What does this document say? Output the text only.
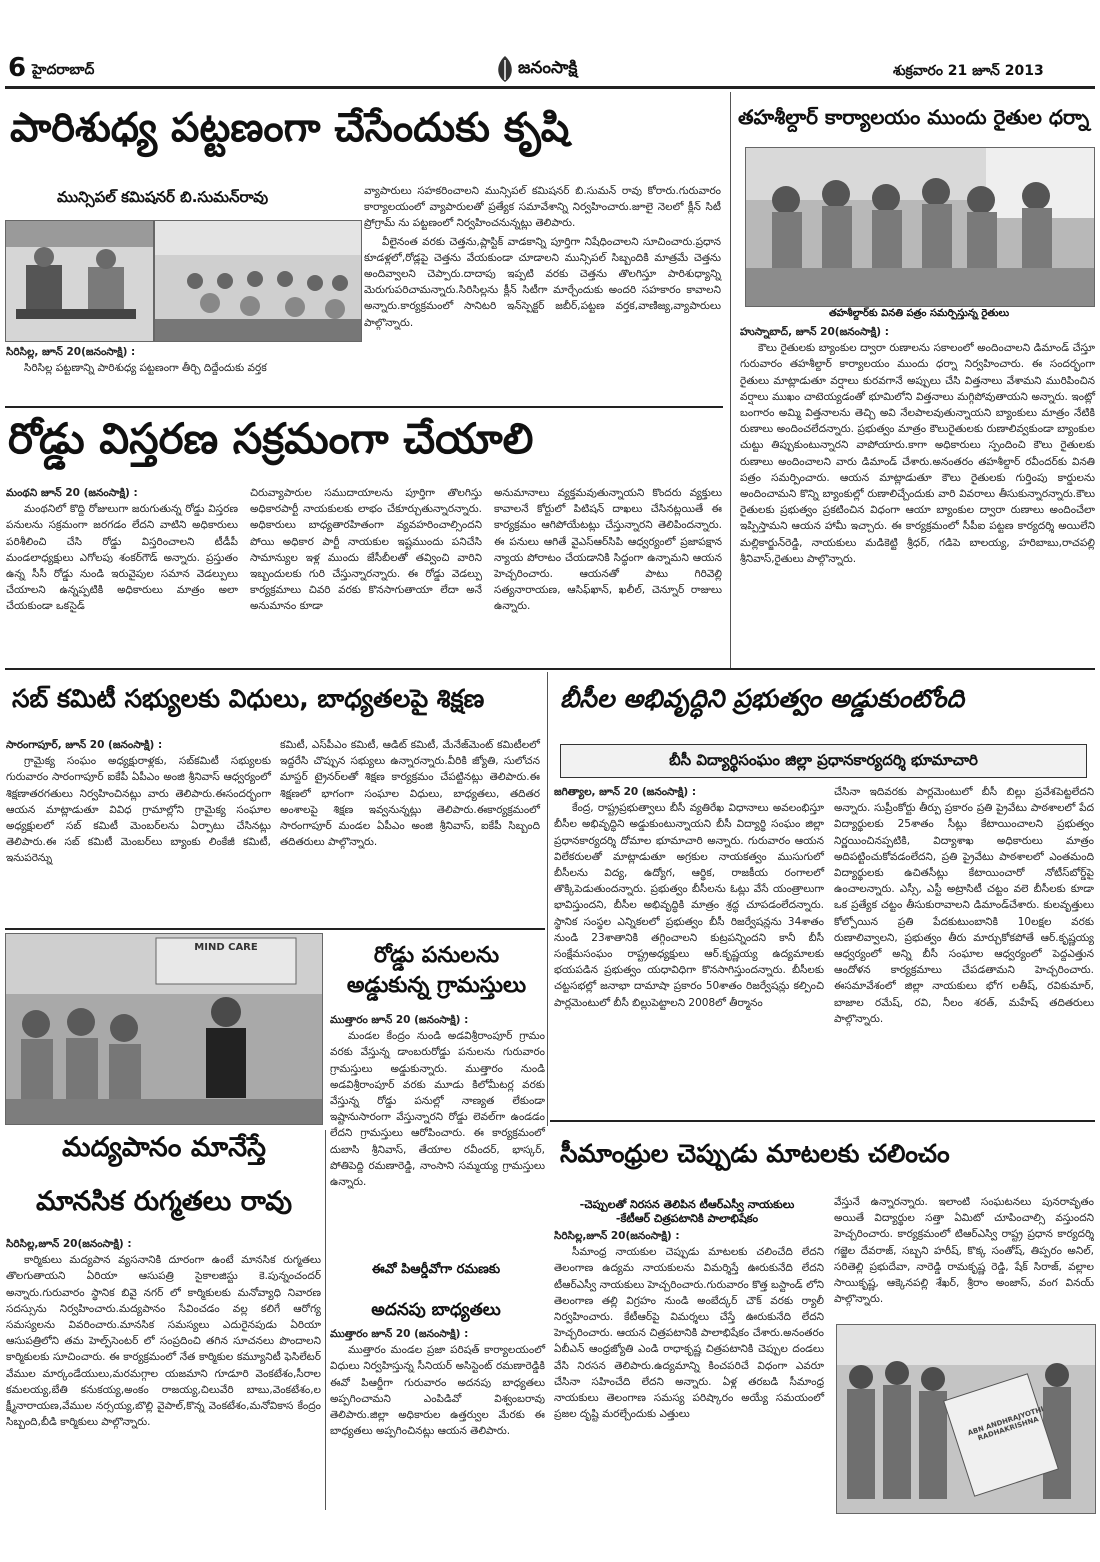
6 హైదరాబాద్	జనంసాక్షి	శుక్రవారం 21 జూన్ 2013
పారిశుధ్య పట్టణంగా చేసేందుకు కృషి
మున్సిపల్ కమిషనర్ బి.సుమన్‌రావు
సిరిసిల్ల, జూన్ 20(జనంసాక్షి) :

సిరిసిల్ల పట్టణాన్ని పారిశుధ్య పట్టణంగా తీర్చి దిద్దేందుకు వర్తక

వ్యాపారులు సహకరించాలని మున్సిపల్ కమిషనర్ బి.సుమన్ రావు కోరారు.గురువారం కార్యాలయంలో వ్యాపారులతో ప్రత్యేక సమావేశాన్ని నిర్వహించారు.జూలై నెలలో క్లీన్ సిటీ ప్రోగ్రామ్ ను పట్టణంలో నిర్వహించనున్నట్లు తెలిపారు.

వీలైనంత వరకు చెత్తను,ప్లాస్టిక్ వాడకాన్ని పూర్తిగా నిషేధించాలని సూచించారు.ప్రధాన కూడళ్లలో,రోడ్లపై చెత్తను వేయకుండా చూడాలని మున్సిపల్ సిబ్బందికి మాత్రమే చెత్తను అందివ్వాలని చెప్పారు.దాదాపు ఇప్పటి వరకు చెత్తను తొలగిస్తూ పారిశుధ్యాన్ని మెరుగుపరిచామన్నారు.సిరిసిల్లను క్లీన్ సిటీగా మార్చేందుకు అందరి సహకారం కావాలని అన్నారు.కార్యక్రమంలో సానిటరి ఇన్‌స్పెక్టర్ జబీర్,పట్టణ వర్తక,వాణిజ్య,వ్యాపారులు పాల్గొన్నారు.

తహశీల్దార్ కార్యాలయం ముందు రైతుల ధర్నా
తహశీల్దార్‌కు వినతి పత్రం సమర్పిస్తున్న రైతులు
హుస్నాబాద్, జూన్ 20(జనంసాక్షి) :

కౌలు రైతులకు బ్యాంకుల ద్వారా రుణాలను సకాలంలో అందించాలని డిమాండ్ చేస్తూ గురువారం తహశీల్దార్ కార్యాలయం ముందు ధర్నా నిర్వహించారు. ఈ సందర్భంగా రైతులు మాట్లాడుతూ వర్షాలు కురవగానే అప్పులు చేసి విత్తనాలు వేశామని మురిపించిన వర్షాలు ముఖం చాటెయ్యడంతో భూమిలోని విత్తనాలు మగ్గిపోవుతాయని అన్నారు. ఇంట్లో బంగారం అమ్మి విత్తనాలను తెచ్చి అవి నేలపాలవుతున్నాయని బ్యాంకులు మాత్రం నేటికి రుణాలు అందించలేదన్నారు. ప్రభుత్వం మాత్రం కౌలురైతులకు రుణాలివ్వకుండా బ్యాంకుల చుట్టు తిప్పుకుంటున్నారని వాపోయారు.కాగా అధికారులు స్పందించి కౌలు రైతులకు రుణాలు అందించాలని వారు డిమాండ్ చేశారు.అనంతరం తహశీల్దార్ రవీందర్‌కు వినతి పత్రం సమర్పించారు. ఆయన మాట్లాడుతూ కౌలు రైతులకు గుర్తింపు కార్డులను అందించామని కొన్ని బ్యాంకుల్లో రుణాలిచ్చేందుకు వారి వివరాలు తీసుకున్నారన్నారు.కౌలు రైతులకు ప్రభుత్వం ప్రకటించిన విధంగా ఆయా బ్యాంకుల ద్వారా రుణాలు అందించేలా ఇప్పిస్తామని ఆయన హామీ ఇచ్చారు. ఈ కార్యక్రమంలో సీపీఐ పట్టణ కార్యదర్శి అయిలేని మల్లికార్జున్‌రెడ్డి, నాయకులు మడికెట్టి శ్రీధర్, గడిపె బాలయ్య, హరిబాబు,రాచపల్లి శ్రీనివాస్,రైతులు పాల్గొన్నారు.

రోడ్డు విస్తరణ సక్రమంగా చేయాలి
మంథని జూన్ 20 (జనంసాక్షి) :

మంథనిలో కొద్ది రోజులుగా జరుగుతున్న రోడ్డు విస్తరణ పనులను సక్రమంగా జరగడం లేదని వాటిని అధికారులు పరిశీలించి చేసి రోడ్డు విస్తరించాలని టీడీపీ మండలాధ్యక్షులు ఎగోలపు శంకర్‌గౌడ్ అన్నారు. ప్రస్తుతం ఉన్న సీసీ రోడ్డు నుండి ఇరువైపుల సమాన వెడల్పులు చేయాలని ఉన్నప్పటికి అధికారులు మాత్రం అలా చేయకుండా ఒకసైడ్

చిరువ్యాపారుల సముదాయాలను పూర్తిగా తొలగిస్తు అధికారపార్టీ నాయకులకు లాభం చేకూర్చుతున్నారన్నారు. అధికారులు బాధ్యతారహితంగా వ్యవహరించాల్సిందని పోయి అధికార పార్టీ నాయకుల ఇష్టముందు పనిచేసి సామాన్యుల ఇళ్ల ముందు జేసీబీలతో తవ్వించి వారిని ఇబ్బందులకు గురి చేస్తున్నారన్నారు. ఈ రోడ్డు వెడల్పు కార్యక్రమాలు చివరి వరకు కొనసాగుతాయా లేదా అనే అనుమానం కూడా

అనుమానాలు వ్యక్తమవుతున్నాయని కొందరు వ్యక్తులు కావాలనే కోర్టులో పిటిషన్ దాఖలు చేసినట్లయితే ఈ కార్యక్రమం ఆగిపోయేటట్లు చేస్తున్నారని తెలిపిందన్నారు. ఈ పనులు ఆగితే వైఎస్‌ఆర్‌సిపి ఆధ్వర్యంలో ప్రజాపక్షాన న్యాయ పోరాటం చేయడానికి సిద్ధంగా ఉన్నామని ఆయన హెచ్చరించారు. ఆయనతో పాటు గిరివెల్లి సత్యనారాయణ, ఆసిఫ్‌ఖాన్, ఖలీల్, చెన్నూర్ రాజులు ఉన్నారు.

సబ్ కమిటీ సభ్యులకు విధులు, బాధ్యతలపై శిక్షణ
సారంగాపూర్, జూన్ 20 (జనంసాక్షి) :

గ్రామైక్య సంఘం అధ్యక్షురాళ్లకు, సబ్‌కమిటీ సభ్యులకు గురువారం సారంగాపూర్ ఐకేపీ ఏపీఎం అంజి శ్రీనివాస్ ఆధ్వర్యంలో శిక్షణాతరగతులు నిర్వహించినట్లు వారు తెలిపారు.ఈసందర్భంగా ఆయన మాట్లాడుతూ వివిధ గ్రామాల్లోని గ్రామైక్య సంఘాల అధ్యక్షులలో సబ్ కమిటీ మెంబర్‌లను ఏర్పాటు చేసినట్లు తెలిపారు.ఈ సబ్ కమిటీ మెంబర్‌లు బ్యాంకు లింకేజీ కమిటీ, ఇనుపరెన్ను

కమిటీ, ఎస్‌పీఎం కమిటీ, ఆడిట్ కమిటీ, మేనేజ్‌మెంట్ కమిటీలలో ఇద్దరేసి చొప్పున సభ్యులు ఉన్నారన్నారు.వీరికి జ్యోతి, సులోచన మాస్టర్ ట్రైనర్‌లతో శిక్షణ కార్యక్రమం చేపట్టినట్లు తెలిపారు.ఈ శిక్షణలో భాగంగా సంఘాల విధులు, బాధ్యతలు, తదితర అంశాలపై శిక్షణ ఇవ్వనున్నట్లు తెలిపారు.ఈకార్యక్రమంలో సారంగాపూర్ మండల ఏపీఎం అంజి శ్రీనివాస్, ఐకేపీ సిబ్బంది తదితరులు పాల్గొన్నారు.

బీసీల అభివృద్ధిని ప్రభుత్వం అడ్డుకుంటోంది
బీసీ విద్యార్థిసంఘం జిల్లా ప్రధానకార్యదర్శి భూమాచారి
జగిత్యాల, జూన్ 20 (జనంసాక్షి) :

కేంద్ర, రాష్ట్రప్రభుత్వాలు బీసీ వ్యతిరేఖ విధానాలు అవలంభిస్తూ బీసీల అభివృద్ధిని అడ్డుకుంటున్నాయని బీసీ విద్యార్థి సంఘం జిల్లా ప్రధానకార్యదర్శి దోమాల భూమాచారి అన్నారు. గురువారం ఆయన విలేకరులతో మాట్లాడుతూ అగ్రకుల నాయకత్వం ముసుగులో బీసీలను విద్య, ఉద్యోగ, ఆర్థిక, రాజకీయ రంగాలలో తొక్కిపెడుతుందన్నారు. ప్రభుత్వం బీసీలను ఓట్లు వేసే యంత్రాలుగా భావిస్తుందని, బీసీల అభివృద్ధికి మాత్రం శ్రద్ధ చూపడంలేదన్నారు. స్థానిక సంస్థల ఎన్నికలలో ప్రభుత్వం బీసీ రిజర్వేషన్లను 34శాతం నుండి 23శాతానికి తగ్గించాలని కుట్రపన్నిందని కానీ బీసీ సంక్షేమసంఘం రాష్ట్రఅధ్యక్షులు ఆర్.కృష్ణయ్య ఉద్యమాలకు భయపడిన ప్రభుత్వం యధావిధిగా కొనసాగిస్తుందన్నారు. బీసీలకు చట్టసభల్లో జనాభా దామాషా ప్రకారం 50శాతం రిజర్వేషన్లు కల్పించి పార్లమెంటులో బీసీ బిల్లుపెట్టాలని 2008లో తీర్మానం

చేసినా ఇదివరకు పార్లమెంటులో బీసీ బిల్లు ప్రవేశపెట్టలేదని అన్నారు. సుప్రీంకోర్టు తీర్పు ప్రకారం ప్రతి ప్రైవేటు పాఠశాలలో పేద విద్యార్థులకు 25శాతం సీట్లు కేటాయించాలని ప్రభుత్వం నిర్ణయించినప్పటికి, విద్యాశాఖ అధికారులు మాత్రం అదిపట్టించుకోవడంలేదని, ప్రతి ప్రైవేటు పాఠశాలలో ఎంతమంది విద్యార్థులకు ఉచితసీట్లు కేటాయించారో నోటీస్‌బోర్డ్‌పై ఉంచాలన్నారు. ఎస్సీ, ఎస్టీ అట్రాసిటీ చట్టం వలె బీసీలకు కూడా ఒక ప్రత్యేక చట్టం తీసుకురావాలని డిమాండ్‌చేశారు. కులవృత్తులు కోల్పోయిన ప్రతి పేదకుటుంబానికి 10లక్షల వరకు రుణాలివ్వాలని, ప్రభుత్వం తీరు మార్చుకోకపోతే ఆర్.కృష్ణయ్య ఆధ్వర్యంలో అన్ని బీసీ సంఘాల ఆధ్వర్యంలో పెద్దఎత్తున ఆందోళన కార్యక్రమాలు చేపడతామని హెచ్చరించారు. ఈసమావేశంలో జిల్లా నాయకులు భోగ లతీష్, రవికుమార్, బాజాల రమేష్, రవి, నీలం శరత్, మహేష్ తదితరులు పాల్గొన్నారు.

MIND CARE	రోడ్డు పనులను అడ్డుకున్న గ్రామస్తులు
ముత్తారం జూన్ 20 (జనంసాక్షి) :

మండల కేంద్రం నుండి అడవిశ్రీరాంపూర్ గ్రామం వరకు వేస్తున్న డాంబరురోడ్డు పనులను గురువారం గ్రామస్తులు అడ్డుకున్నారు. ముత్తారం నుండి అడవిశ్రీరాంపూర్ వరకు మూడు కిలోమీటర్ల వరకు వేస్తున్న రోడ్డు పనుల్లో నాణ్యత లేకుండా ఇష్టానుసారంగా వేస్తున్నారని రోడ్డు లెవల్‌గా ఉండడం లేదని గ్రామస్తులు ఆరోపించారు. ఈ కార్యక్రమంలో దుబాసి శ్రీనివాస్, తేయాల రవీందర్, భాస్కర్, పోతిపెద్ది రమణారెడ్డి, నాంసాని సమ్మయ్య గ్రామస్తులు ఉన్నారు.

ఈవో పిఆర్డీవోగా రమణకు
అదనపు బాధ్యతలు
ముత్తారం జూన్ 20 (జనంసాక్షి) :

ముత్తారం మండల ప్రజా పరిషత్ కార్యాలయంలో విధులు నిర్వహిస్తున్న సీనియర్ అసిస్టెంట్ రమణారెడ్డికి ఈవో పిఆర్డీగా గురువారం అదనపు బాధ్యతలు అప్పగించామని ఎంపిడివో విశ్వంబరావు తెలిపారు.జిల్లా అధికారుల ఉత్తర్వుల మేరకు ఈ బాధ్యతలు అప్పగించినట్లు ఆయన తెలిపారు.

మద్యపానం మానేస్తే
మానసిక రుగ్మతలు రావు
సిరిసిల్ల,జూన్ 20(జనంసాక్షి) :

కార్మికులు మద్యపాన వ్యసనానికి దూరంగా ఉంటే మానసిక రుగ్మతలు తొలగుతాయని ఏరియా ఆసుపత్రి సైకాలజిస్టు కె.పున్నంచందర్ అన్నారు.గురువారం స్థానిక బివై నగర్ లో కార్మికులకు మనోవ్యాధి నివారణ సదస్సును నిర్వహించారు.మద్యపానం సేవించడం వల్ల కలిగే ఆరోగ్య సమస్యలను వివరించారు.మానసిక సమస్యలు ఎదురైనపుడు ఏరియా ఆసుపత్రిలోని తమ హెల్ప్‌సెంటర్ లో సంప్రదించి తగిన సూచనలు పొందాలని కార్మికులకు సూచించారు. ఈ కార్యక్రమంలో నేత కార్మికుల కమ్యూనిటీ ఫెసిలేటర్ వేముల మార్కండేయులు,మరమగ్గాల యజమాని గూడూరి వెంకటేశం,సీరాల కమలయ్య,బేతి కనుకయ్య,అంకం రాజయ్య,చిలువేరి బాబు,వెంకటేశం,ల క్ష్మీనారాయణ,వేముల నర్సయ్య,బొల్లి వైపాల్,కొన్న వెంకటేశం,మనోవికాస కేంద్రం సిబ్బంది,బీడి కార్మికులు పాల్గొన్నారు.

సీమాంధ్రుల చెప్పుడు మాటలకు చలించం
-చెప్పులతో నిరసన తెలిపిన టీఆర్‌ఎస్వీ నాయకులు
-కేటీఆర్ చిత్రపటానికి పాలాభిషేకం
సిరిసిల్ల,జూన్ 20(జనంసాక్షి) :

సీమాంధ్ర నాయకుల చెప్పుడు మాటలకు చలించేది లేదని తెలంగాణ ఉద్యమ నాయకులను విమర్శిస్తే ఊరుకునేది లేదని టీఆర్‌ఎస్వీ నాయకులు హెచ్చరించారు.గురువారం కొత్త బస్టాండ్ లోని తెలంగాణ తల్లి విగ్రహం నుండి అంబేద్కర్ చౌక్ వరకు ర్యాలీ నిర్వహించారు. కేటీఆర్‌పై విమర్శలు చేస్తే ఊరుకునేది లేదని హెచ్చరించారు. ఆయన చిత్రపటానికి పాలాభిషేకం చేశారు.అనంతరం ఏబీఎన్ ఆంధ్రజ్యోతి ఎండి రాధాకృష్ణ చిత్రపటానికి చెప్పుల దండలు వేసి నిరసన తెలిపారు.ఉద్యమాన్ని కించపరిచే విధంగా ఎవరూ చేసినా సహించేది లేదని అన్నారు. ఏళ్ల తరబడి సీమాంధ్ర నాయకులు తెలంగాణ సమస్య పరిష్కారం అయ్యే సమయంలో ప్రజల దృష్టి మరల్చేందుకు ఎత్తులు

వేస్తునే ఉన్నారన్నారు. ఇలాంటి సంఘటనలు పునరావృతం అయితే విద్యార్థుల సత్తా ఏమిటో చూపించాల్సి వస్తుందని హెచ్చరించారు. కార్యక్రమంలో టిఆర్‌ఎస్వి రాష్ట్ర ప్రధాన కార్యదర్శి గజ్జెల దేవరాజ్, సబ్బని హరీష్, కొక్క సంతోష్, తిప్పరం అనిల్, సరితెల్లి ప్రభుదేవా, నారెడ్డి రామకృష్ణ రెడ్డి, షేక్ సిరాజ్, వల్లాల సాయికృష్ణ, ఆక్కెనపల్లి శేఖర్, శ్రీరాం అంజాస్, వంగ వినయ్ పాల్గొన్నారు.

ABN ANDHRAJYOTHI RADHAKRISHNA
